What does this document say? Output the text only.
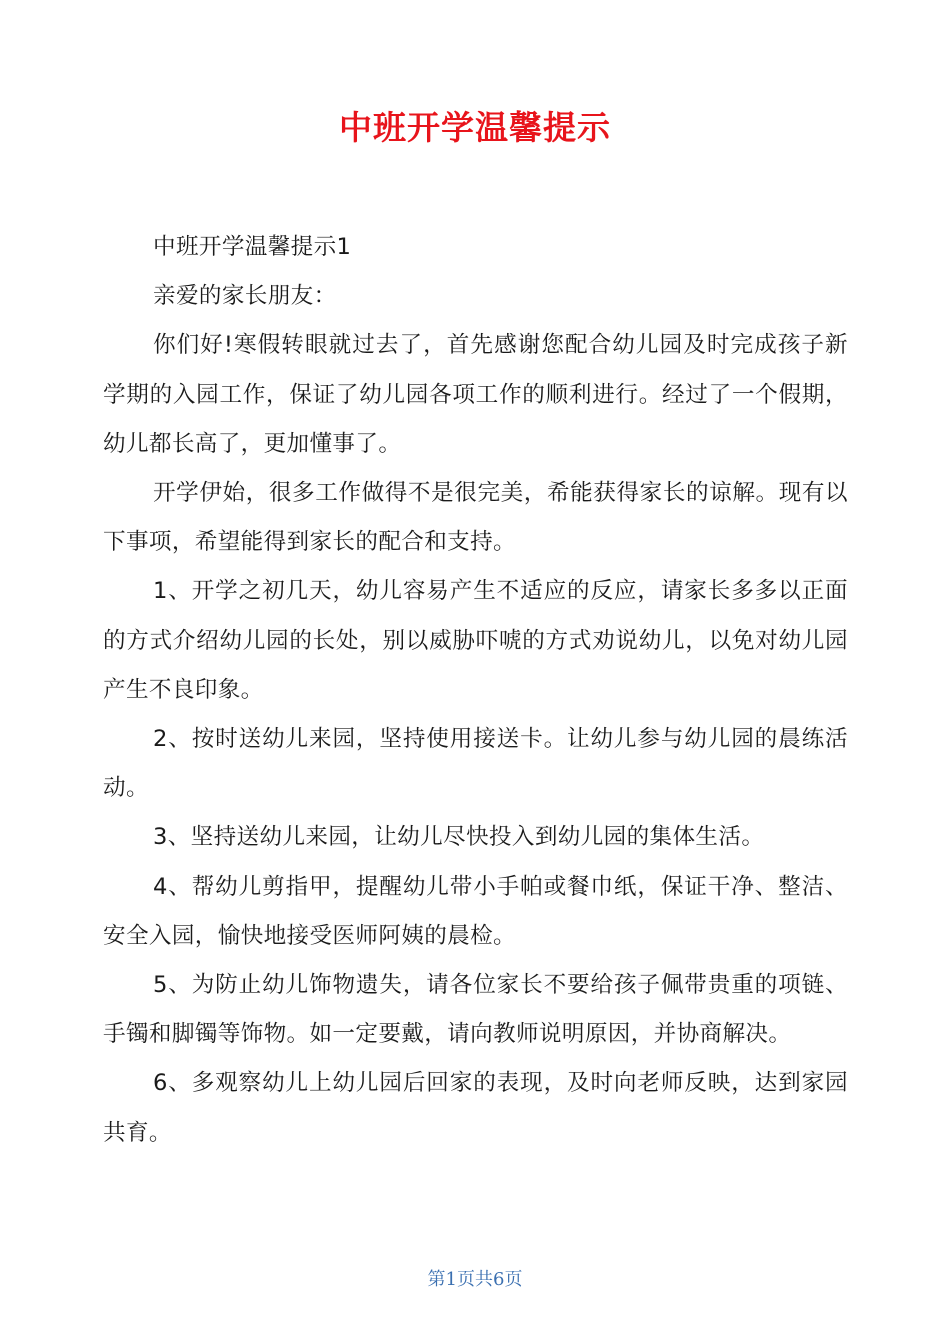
中班开学温馨提示

中班开学温馨提示1

亲爱的家长朋友：

你们好!寒假转眼就过去了，首先感谢您配合幼儿园及时完成孩子新学期的入园工作，保证了幼儿园各项工作的顺利进行。经过了一个假期，幼儿都长高了，更加懂事了。

开学伊始，很多工作做得不是很完美，希能获得家长的谅解。现有以下事项，希望能得到家长的配合和支持。

1、开学之初几天，幼儿容易产生不适应的反应，请家长多多以正面的方式介绍幼儿园的长处，别以威胁吓唬的方式劝说幼儿，以免对幼儿园产生不良印象。

2、按时送幼儿来园，坚持使用接送卡。让幼儿参与幼儿园的晨练活动。

3、坚持送幼儿来园，让幼儿尽快投入到幼儿园的集体生活。

4、帮幼儿剪指甲，提醒幼儿带小手帕或餐巾纸，保证干净、整洁、安全入园，愉快地接受医师阿姨的晨检。

5、为防止幼儿饰物遗失，请各位家长不要给孩子佩带贵重的项链、手镯和脚镯等饰物。如一定要戴，请向教师说明原因，并协商解决。

6、多观察幼儿上幼儿园后回家的表现，及时向老师反映，达到家园共育。

第1页共6页
